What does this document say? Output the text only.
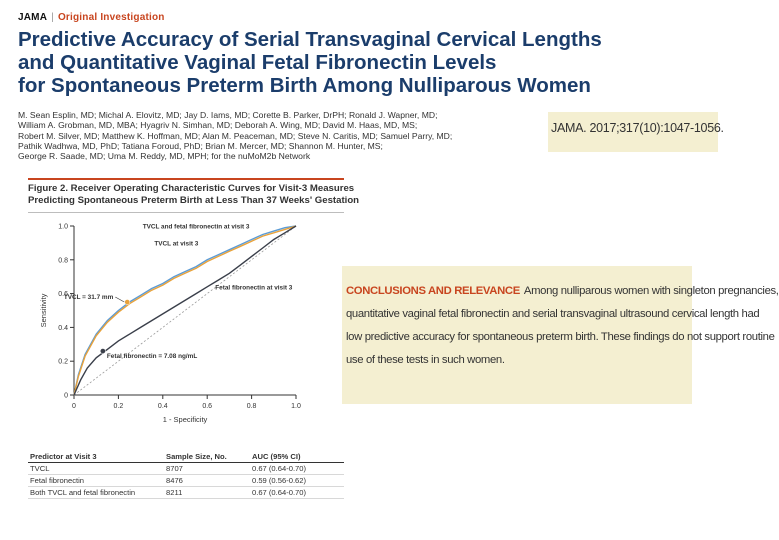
JAMA | Original Investigation
Predictive Accuracy of Serial Transvaginal Cervical Lengths
and Quantitative Vaginal Fetal Fibronectin Levels
for Spontaneous Preterm Birth Among Nulliparous Women
M. Sean Esplin, MD; Michal A. Elovitz, MD; Jay D. Iams, MD; Corette B. Parker, DrPH; Ronald J. Wapner, MD;
William A. Grobman, MD, MBA; Hyagriv N. Simhan, MD; Deborah A. Wing, MD; David M. Haas, MD, MS;
Robert M. Silver, MD; Matthew K. Hoffman, MD; Alan M. Peaceman, MD; Steve N. Caritis, MD; Samuel Parry, MD;
Pathik Wadhwa, MD, PhD; Tatiana Foroud, PhD; Brian M. Mercer, MD; Shannon M. Hunter, MS;
George R. Saade, MD; Uma M. Reddy, MD, MPH; for the nuMoM2b Network
JAMA. 2017;317(10):1047-1056.
Figure 2. Receiver Operating Characteristic Curves for Visit-3 Measures
Predicting Spontaneous Preterm Birth at Less Than 37 Weeks' Gestation
0	0.2	0.4	0.6	0.8	1.0
0
0.2
0.4
0.6
0.8
1.0
1 - Specificity
Sensitivity
TVCL and fetal fibronectin at visit 3
TVCL at visit 3
Fetal fibronectin at visit 3
TVCL = 31.7 mm
Fetal fibronectin = 7.08 ng/mL
Predictor at Visit 3	Sample Size, No.	AUC (95% CI)
TVCL	8707	0.67 (0.64-0.70)
Fetal fibronectin	8476	0.59 (0.56-0.62)
Both TVCL and fetal fibronectin	8211	0.67 (0.64-0.70)
CONCLUSIONS AND RELEVANCE Among nulliparous women with singleton pregnancies,
quantitative vaginal fetal fibronectin and serial transvaginal ultrasound cervical length had
low predictive accuracy for spontaneous preterm birth. These findings do not support routine
use of these tests in such women.
